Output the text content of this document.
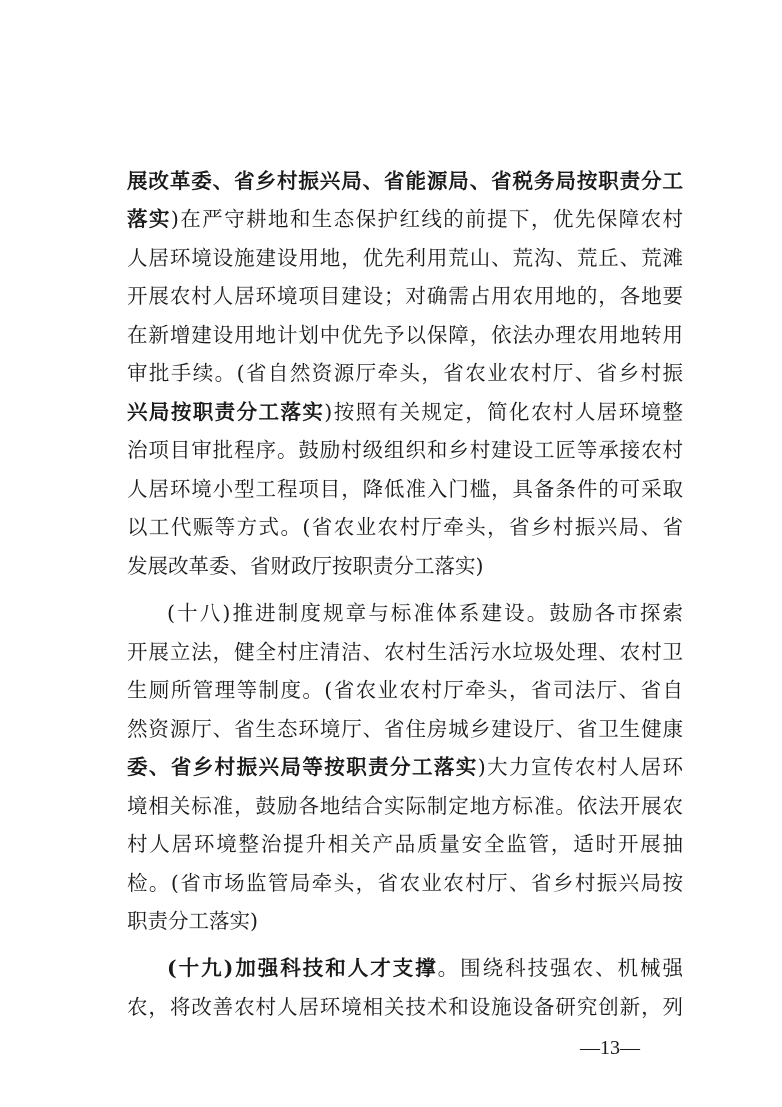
展改革委、省乡村振兴局、省能源局、省税务局按职责分工
落实)在严守耕地和生态保护红线的前提下，优先保障农村
人居环境设施建设用地，优先利用荒山、荒沟、荒丘、荒滩
开展农村人居环境项目建设；对确需占用农用地的，各地要
在新增建设用地计划中优先予以保障，依法办理农用地转用
审批手续。(省自然资源厅牵头，省农业农村厅、省乡村振
兴局按职责分工落实)按照有关规定，简化农村人居环境整
治项目审批程序。鼓励村级组织和乡村建设工匠等承接农村
人居环境小型工程项目，降低准入门槛，具备条件的可采取
以工代赈等方式。(省农业农村厅牵头，省乡村振兴局、省
发展改革委、省财政厅按职责分工落实)
(十八)推进制度规章与标准体系建设。鼓励各市探索
开展立法，健全村庄清洁、农村生活污水垃圾处理、农村卫
生厕所管理等制度。(省农业农村厅牵头，省司法厅、省自
然资源厅、省生态环境厅、省住房城乡建设厅、省卫生健康
委、省乡村振兴局等按职责分工落实)大力宣传农村人居环
境相关标准，鼓励各地结合实际制定地方标准。依法开展农
村人居环境整治提升相关产品质量安全监管，适时开展抽
检。(省市场监管局牵头，省农业农村厅、省乡村振兴局按
职责分工落实)
(十九)加强科技和人才支撑。围绕科技强农、机械强
农，将改善农村人居环境相关技术和设施设备研究创新，列
—13—
